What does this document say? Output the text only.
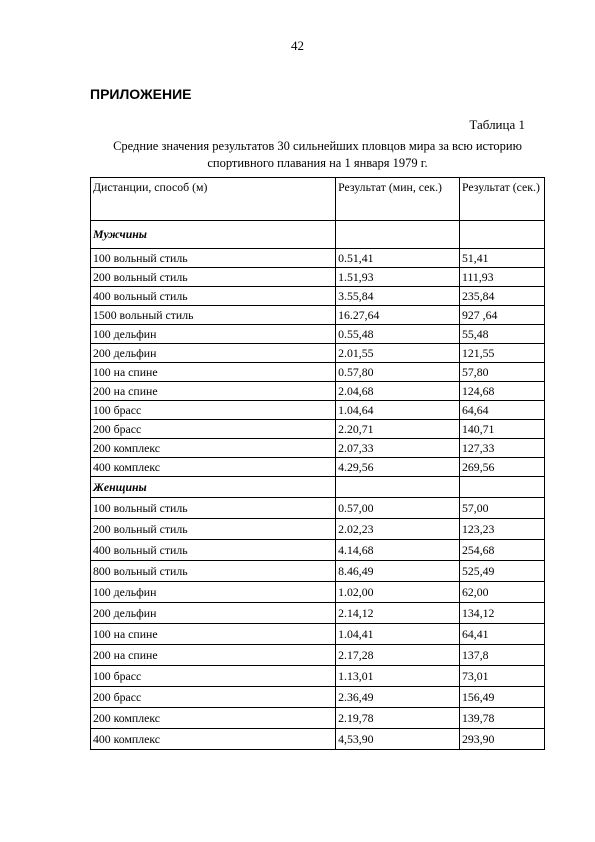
42
ПРИЛОЖЕНИЕ
Таблица 1
Средние значения результатов 30 сильнейших пловцов мира за всю историю
спортивного плавания на 1 января 1979 г.
Дистанции, способ (м)	Результат (мин, сек.)	Результат (сек.)
Мужчины		
100 вольный стиль	0.51,41	51,41
200 вольный стиль	1.51,93	111,93
400 вольный стиль	3.55,84	235,84
1500 вольный стиль	16.27,64	927 ,64
100 дельфин	0.55,48	55,48
200 дельфин	2.01,55	121,55
100 на спине	0.57,80	57,80
200 на спине	2.04,68	124,68
100 брасс	1.04,64	64,64
200 брасс	2.20,71	140,71
200 комплекс	2.07,33	127,33
400 комплекс	4.29,56	269,56
Женщины		
100 вольный стиль	0.57,00	57,00
200 вольный стиль	2.02,23	123,23
400 вольный стиль	4.14,68	254,68
800 вольный стиль	8.46,49	525,49
100 дельфин	1.02,00	62,00
200 дельфин	2.14,12	134,12
100 на спине	1.04,41	64,41
200 на спине	2.17,28	137,8
100 брасс	1.13,01	73,01
200 брасс	2.36,49	156,49
200 комплекс	2.19,78	139,78
400 комплекс	4,53,90	293,90
